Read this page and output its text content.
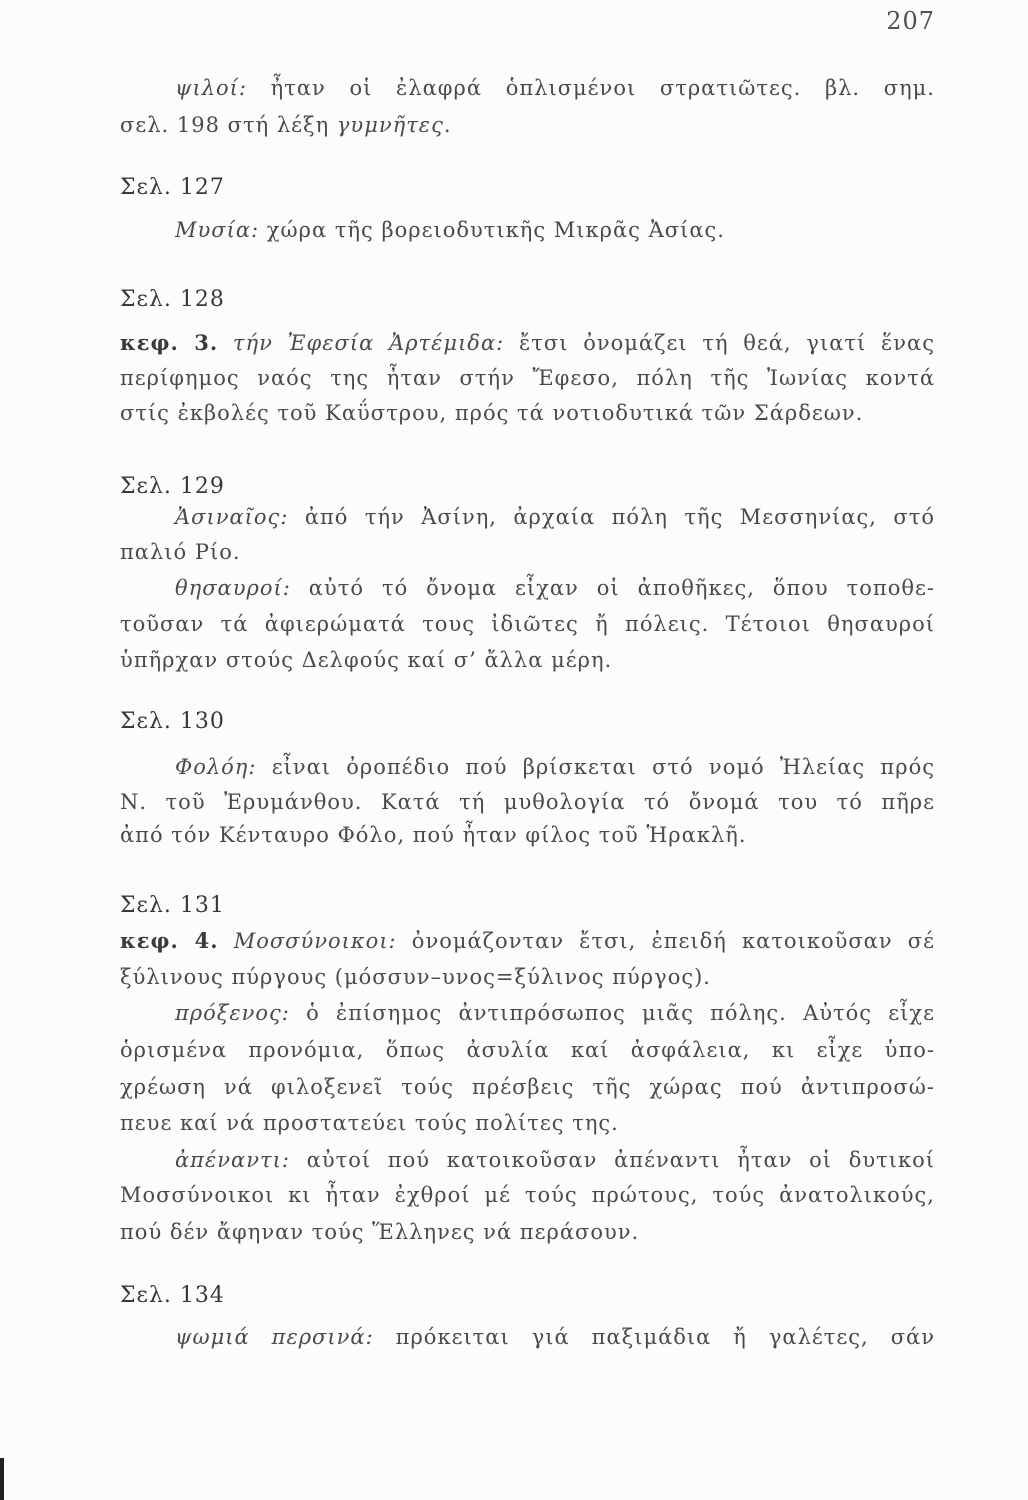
207
ψιλοί: ἦταν οἱ ἐλαφρά ὁπλισμένοι στρατιῶτες. βλ. σημ.
σελ. 198 στή λέξη γυμνῆτες.
Σελ. 127
Μυσία: χώρα τῆς βορειοδυτικῆς Μικρᾶς Ἀσίας.
Σελ. 128
κεφ. 3. τήν Ἐφεσία Ἀρτέμιδα: ἔτσι ὀνομάζει τή θεά, γιατί ἕνας
περίφημος ναός της ἦταν στήν Ἔφεσο, πόλη τῆς Ἰωνίας κοντά
στίς ἐκβολές τοῦ Καΰστρου, πρός τά νοτιοδυτικά τῶν Σάρδεων.
Σελ. 129
Ἀσιναῖος: ἀπό τήν Ἀσίνη, ἀρχαία πόλη τῆς Μεσσηνίας, στό
παλιό Ρίο.
θησαυροί: αὐτό τό ὄνομα εἶχαν οἱ ἀποθῆκες, ὅπου τοποθε-
τοῦσαν τά ἀφιερώματά τους ἰδιῶτες ἤ πόλεις. Τέτοιοι θησαυροί
ὑπῆρχαν στούς Δελφούς καί σ’ ἄλλα μέρη.
Σελ. 130
Φολόη: εἶναι ὀροπέδιο πού βρίσκεται στό νομό Ἠλείας πρός
Ν. τοῦ Ἐρυμάνθου. Κατά τή μυθολογία τό ὄνομά του τό πῆρε
ἀπό τόν Κένταυρο Φόλο, πού ἦταν φίλος τοῦ Ἡρακλῆ.
Σελ. 131
κεφ. 4. Μοσσύνοικοι: ὀνομάζονταν ἔτσι, ἐπειδή κατοικοῦσαν σέ
ξύλινους πύργους (μόσσυν–υνος=ξύλινος πύργος).
πρόξενος: ὁ ἐπίσημος ἀντιπρόσωπος μιᾶς πόλης. Αὐτός εἶχε
ὁρισμένα προνόμια, ὅπως ἀσυλία καί ἀσφάλεια, κι εἶχε ὑπο-
χρέωση νά φιλοξενεῖ τούς πρέσβεις τῆς χώρας πού ἀντιπροσώ-
πευε καί νά προστατεύει τούς πολίτες της.
ἀπέναντι: αὐτοί πού κατοικοῦσαν ἀπέναντι ἦταν οἱ δυτικοί
Μοσσύνοικοι κι ἦταν ἐχθροί μέ τούς πρώτους, τούς ἀνατολικούς,
πού δέν ἄφηναν τούς Ἕλληνες νά περάσουν.
Σελ. 134
ψωμιά περσινά: πρόκειται γιά παξιμάδια ἤ γαλέτες, σάν
